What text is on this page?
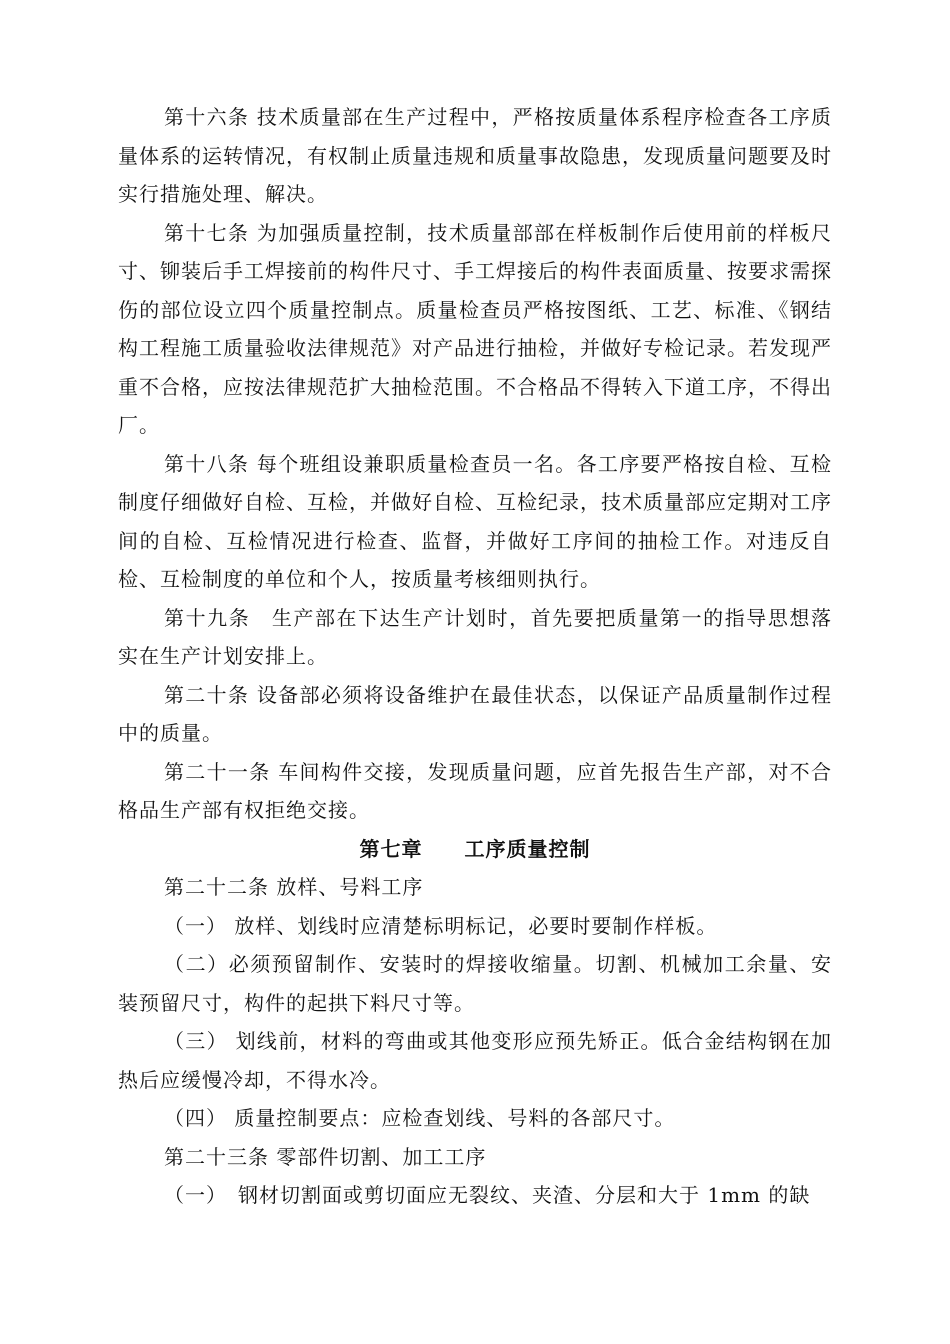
第十六条 技术质量部在生产过程中，严格按质量体系程序检查各工序质量体系的运转情况，有权制止质量违规和质量事故隐患，发现质量问题要及时实行措施处理、解决。

第十七条 为加强质量控制，技术质量部部在样板制作后使用前的样板尺寸、铆装后手工焊接前的构件尺寸、手工焊接后的构件表面质量、按要求需探伤的部位设立四个质量控制点。质量检查员严格按图纸、工艺、标准、《钢结构工程施工质量验收法律规范》对产品进行抽检，并做好专检记录。若发现严重不合格，应按法律规范扩大抽检范围。不合格品不得转入下道工序，不得出厂。

第十八条 每个班组设兼职质量检查员一名。各工序要严格按自检、互检制度仔细做好自检、互检，并做好自检、互检纪录，技术质量部应定期对工序间的自检、互检情况进行检查、监督，并做好工序间的抽检工作。对违反自检、互检制度的单位和个人，按质量考核细则执行。

第十九条　生产部在下达生产计划时，首先要把质量第一的指导思想落实在生产计划安排上。

第二十条 设备部必须将设备维护在最佳状态，以保证产品质量制作过程中的质量。

第二十一条 车间构件交接，发现质量问题，应首先报告生产部，对不合格品生产部有权拒绝交接。

第七章　　工序质量控制

第二十二条 放样、号料工序

（一） 放样、划线时应清楚标明标记，必要时要制作样板。

（二）必须预留制作、安装时的焊接收缩量。切割、机械加工余量、安装预留尺寸，构件的起拱下料尺寸等。

（三） 划线前，材料的弯曲或其他变形应预先矫正。低合金结构钢在加热后应缓慢冷却，不得水冷。

（四） 质量控制要点：应检查划线、号料的各部尺寸。

第二十三条 零部件切割、加工工序

（一）　钢材切割面或剪切面应无裂纹、夹渣、分层和大于 1mm 的缺
